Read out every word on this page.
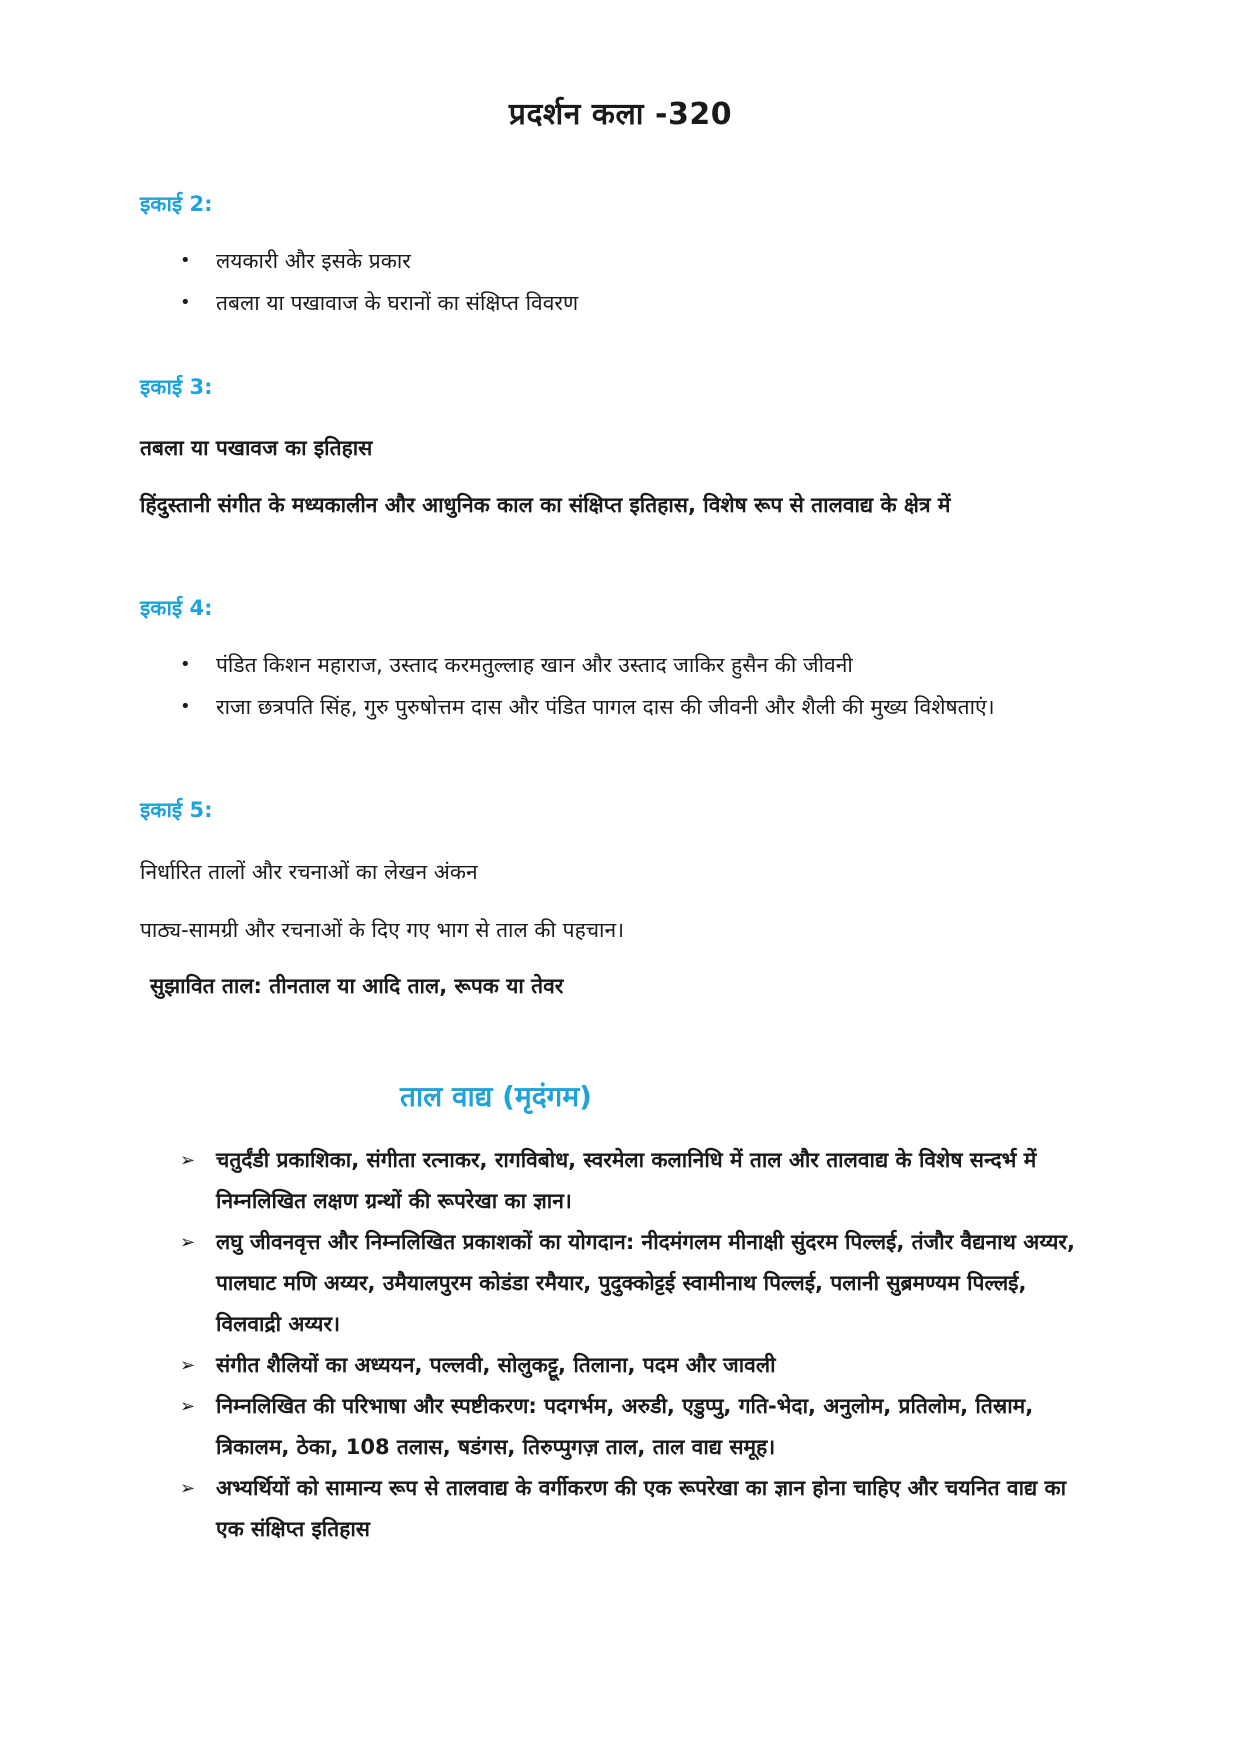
प्रदर्शन कला -320
इकाई 2:
• लयकारी और इसके प्रकार
• तबला या पखावाज के घरानों का संक्षिप्त विवरण
इकाई 3:
तबला या पखावज का इतिहास
हिंदुस्तानी संगीत के मध्यकालीन और आधुनिक काल का संक्षिप्त इतिहास, विशेष रूप से तालवाद्य के क्षेत्र में
इकाई 4:
• पंडित किशन महाराज, उस्ताद करमतुल्लाह खान और उस्ताद जाकिर हुसैन की जीवनी
• राजा छत्रपति सिंह, गुरु पुरुषोत्तम दास और पंडित पागल दास की जीवनी और शैली की मुख्य विशेषताएं।
इकाई 5:
निर्धारित तालों और रचनाओं का लेखन अंकन
पाठ्य-सामग्री और रचनाओं के दिए गए भाग से ताल की पहचान।
सुझावित ताल: तीनताल या आदि ताल, रूपक या तेवर
ताल वाद्य (मृदंगम)
➢ चतुर्दंडी प्रकाशिका, संगीता रत्नाकर, रागविबोध, स्वरमेला कलानिधि में ताल और तालवाद्य के विशेष सन्दर्भ में निम्नलिखित लक्षण ग्रन्थों की रूपरेखा का ज्ञान।
➢ लघु जीवनवृत्त और निम्नलिखित प्रकाशकों का योगदान: नीदमंगलम मीनाक्षी सुंदरम पिल्लई, तंजौर वैद्यनाथ अय्यर, पालघाट मणि अय्यर, उमैयालपुरम कोडंडा रमैयार, पुदुक्कोट्टई स्वामीनाथ पिल्लई, पलानी सुब्रमण्यम पिल्लई, विलवाद्री अय्यर।
➢ संगीत शैलियों का अध्ययन, पल्लवी, सोलुकट्टू, तिलाना, पदम और जावली
➢ निम्नलिखित की परिभाषा और स्पष्टीकरण: पदगर्भम, अरुडी, एडुप्पु, गति-भेदा, अनुलोम, प्रतिलोम, तिस्राम, त्रिकालम, ठेका, 108 तलास, षडंगस, तिरुप्पुगज़ ताल, ताल वाद्य समूह।
➢ अभ्यर्थियों को सामान्य रूप से तालवाद्य के वर्गीकरण की एक रूपरेखा का ज्ञान होना चाहिए और चयनित वाद्य का एक संक्षिप्त इतिहास
